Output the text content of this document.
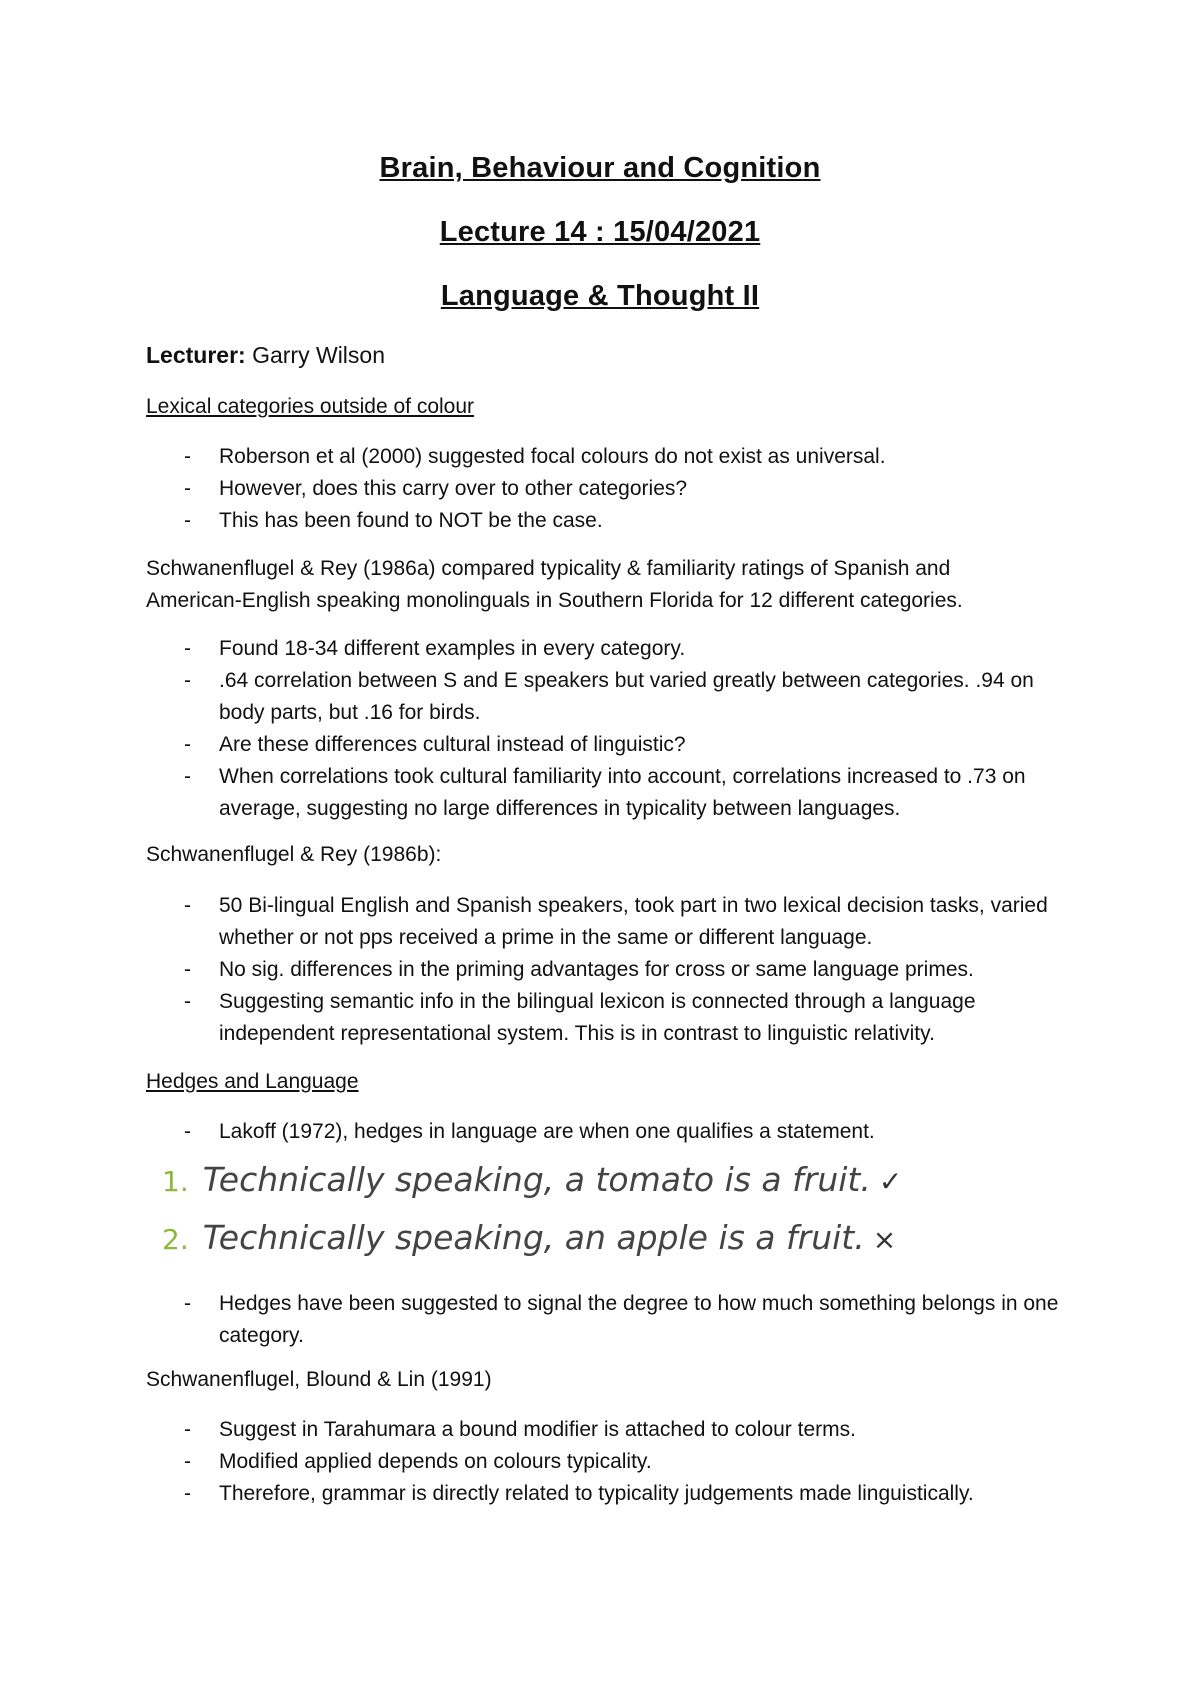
Brain, Behaviour and Cognition
Lecture 14 : 15/04/2021
Language & Thought II
Lecturer: Garry Wilson
Lexical categories outside of colour
- Roberson et al (2000) suggested focal colours do not exist as universal.
- However, does this carry over to other categories?
- This has been found to NOT be the case.
Schwanenflugel & Rey (1986a) compared typicality & familiarity ratings of Spanish and
American-English speaking monolinguals in Southern Florida for 12 different categories.
- Found 18-34 different examples in every category.
- .64 correlation between S and E speakers but varied greatly between categories. .94 on body parts, but .16 for birds.
- Are these differences cultural instead of linguistic?
- When correlations took cultural familiarity into account, correlations increased to .73 on average, suggesting no large differences in typicality between languages.
Schwanenflugel & Rey (1986b):
- 50 Bi-lingual English and Spanish speakers, took part in two lexical decision tasks, varied whether or not pps received a prime in the same or different language.
- No sig. differences in the priming advantages for cross or same language primes.
- Suggesting semantic info in the bilingual lexicon is connected through a language independent representational system. This is in contrast to linguistic relativity.
Hedges and Language
- Lakoff (1972), hedges in language are when one qualifies a statement.
1. Technically speaking, a tomato is a fruit. ✓
2. Technically speaking, an apple is a fruit. ×
- Hedges have been suggested to signal the degree to how much something belongs in one category.
Schwanenflugel, Blound & Lin (1991)
- Suggest in Tarahumara a bound modifier is attached to colour terms.
- Modified applied depends on colours typicality.
- Therefore, grammar is directly related to typicality judgements made linguistically.
